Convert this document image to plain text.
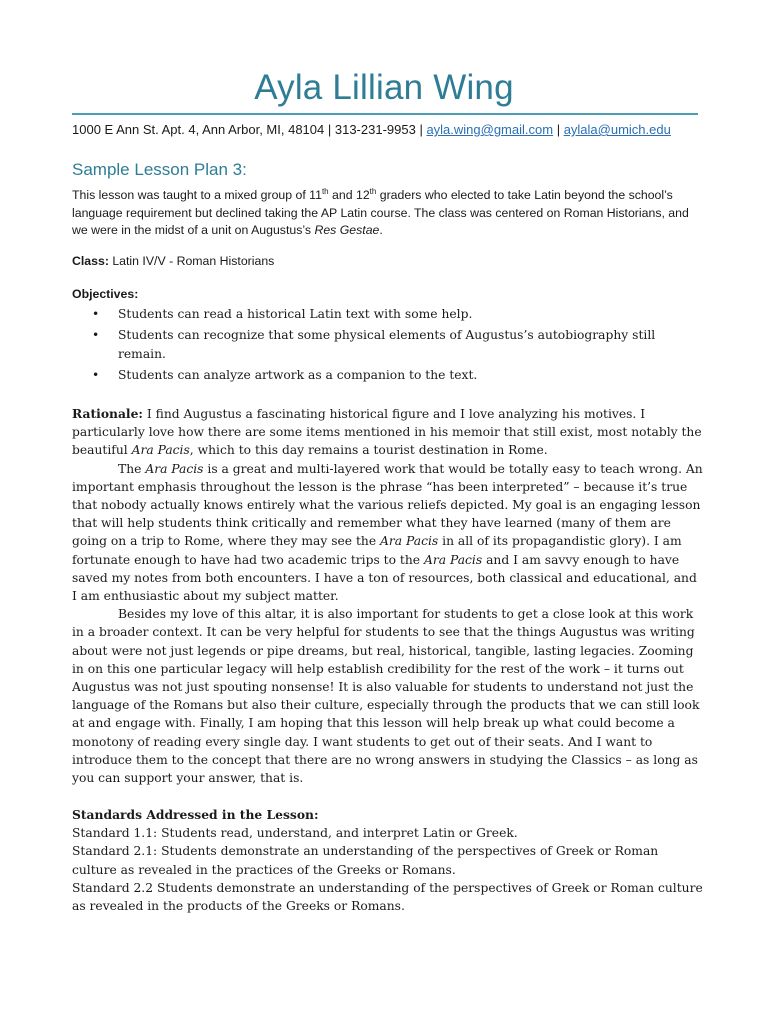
Ayla Lillian Wing
1000 E Ann St. Apt. 4, Ann Arbor, MI, 48104 | 313-231-9953 | ayla.wing@gmail.com | aylala@umich.edu
Sample Lesson Plan 3:
This lesson was taught to a mixed group of 11th and 12th graders who elected to take Latin beyond the school’s language requirement but declined taking the AP Latin course. The class was centered on Roman Historians, and we were in the midst of a unit on Augustus’s Res Gestae.
Class: Latin IV/V - Roman Historians
Objectives:
• Students can read a historical Latin text with some help.
• Students can recognize that some physical elements of Augustus’s autobiography still remain.
• Students can analyze artwork as a companion to the text.

Rationale: I find Augustus a fascinating historical figure and I love analyzing his motives. I particularly love how there are some items mentioned in his memoir that still exist, most notably the beautiful Ara Pacis, which to this day remains a tourist destination in Rome.

The Ara Pacis is a great and multi-layered work that would be totally easy to teach wrong. An important emphasis throughout the lesson is the phrase “has been interpreted” – because it’s true that nobody actually knows entirely what the various reliefs depicted. My goal is an engaging lesson that will help students think critically and remember what they have learned (many of them are going on a trip to Rome, where they may see the Ara Pacis in all of its propagandistic glory). I am fortunate enough to have had two academic trips to the Ara Pacis and I am savvy enough to have saved my notes from both encounters. I have a ton of resources, both classical and educational, and I am enthusiastic about my subject matter.

Besides my love of this altar, it is also important for students to get a close look at this work in a broader context. It can be very helpful for students to see that the things Augustus was writing about were not just legends or pipe dreams, but real, historical, tangible, lasting legacies. Zooming in on this one particular legacy will help establish credibility for the rest of the work – it turns out Augustus was not just spouting nonsense! It is also valuable for students to understand not just the language of the Romans but also their culture, especially through the products that we can still look at and engage with. Finally, I am hoping that this lesson will help break up what could become a monotony of reading every single day. I want students to get out of their seats. And I want to introduce them to the concept that there are no wrong answers in studying the Classics – as long as you can support your answer, that is.

Standards Addressed in the Lesson:
Standard 1.1: Students read, understand, and interpret Latin or Greek.
Standard 2.1: Students demonstrate an understanding of the perspectives of Greek or Roman culture as revealed in the practices of the Greeks or Romans.
Standard 2.2 Students demonstrate an understanding of the perspectives of Greek or Roman culture as revealed in the products of the Greeks or Romans.
